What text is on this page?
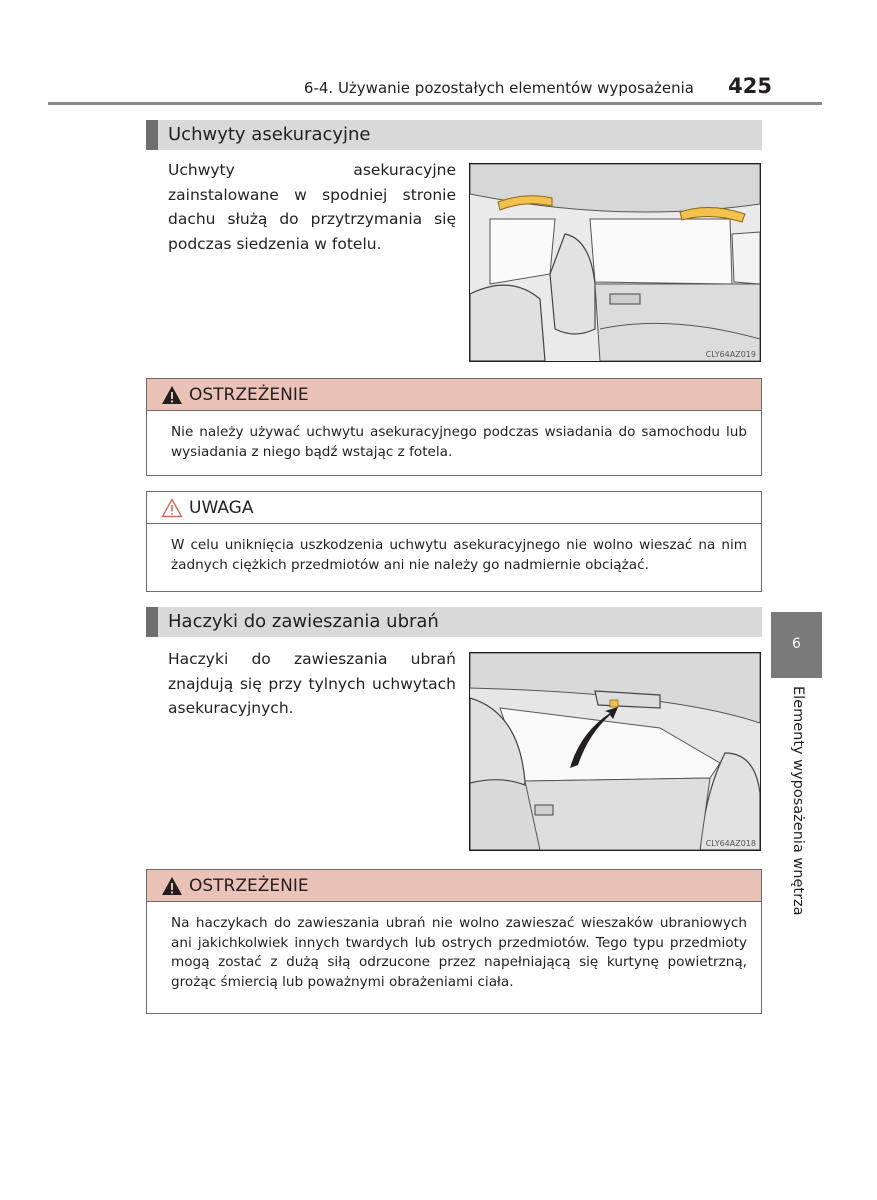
6-4. Używanie pozostałych elementów wyposażenia 425
Uchwyty asekuracyjne
Uchwyty asekuracyjne zainstalowane w spodniej stronie dachu służą do przytrzymania się podczas siedzenia w fotelu.
CLY64AZ019
OSTRZEŻENIE
Nie należy używać uchwytu asekuracyjnego podczas wsiadania do samochodu lub wysiadania z niego bądź wstając z fotela.
UWAGA
W celu uniknięcia uszkodzenia uchwytu asekuracyjnego nie wolno wieszać na nim żadnych ciężkich przedmiotów ani nie należy go nadmiernie obciążać.
Haczyki do zawieszania ubrań
Haczyki do zawieszania ubrań znajdują się przy tylnych uchwytach asekuracyjnych.
CLY64AZ018
OSTRZEŻENIE
Na haczykach do zawieszania ubrań nie wolno zawieszać wieszaków ubraniowych ani jakichkolwiek innych twardych lub ostrych przedmiotów. Tego typu przedmioty mogą zostać z dużą siłą odrzucone przez napełniającą się kurtynę powietrzną, grożąc śmiercią lub poważnymi obrażeniami ciała.
6
Elementy wyposażenia wnętrza
